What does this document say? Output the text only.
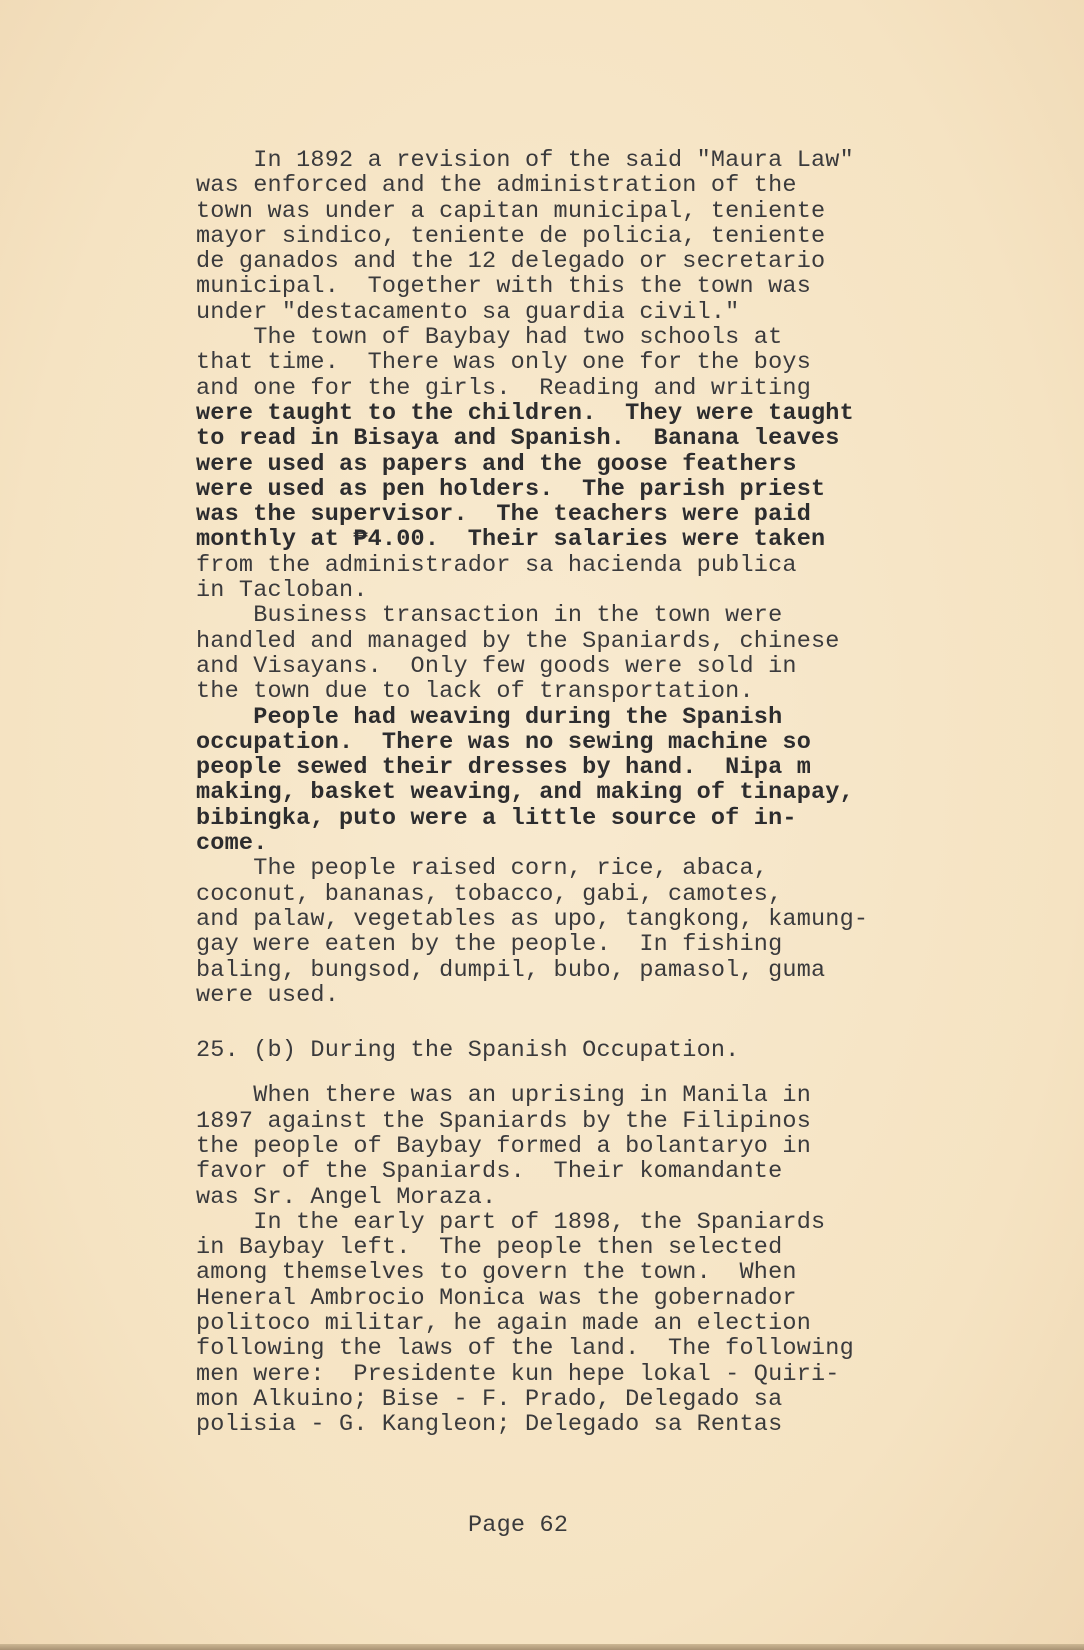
In 1892 a revision of the said "Maura Law"
was enforced and the administration of the
town was under a capitan municipal, teniente
mayor sindico, teniente de policia, teniente
de ganados and the 12 delegado or secretario
municipal.  Together with this the town was
under "destacamento sa guardia civil."
The town of Baybay had two schools at
that time.  There was only one for the boys
and one for the girls.  Reading and writing
were taught to the children.  They were taught
to read in Bisaya and Spanish.  Banana leaves
were used as papers and the goose feathers
were used as pen holders.  The parish priest
was the supervisor.  The teachers were paid
monthly at ₱4.00.  Their salaries were taken
from the administrador sa hacienda publica
in Tacloban.
Business transaction in the town were
handled and managed by the Spaniards, chinese
and Visayans.  Only few goods were sold in
the town due to lack of transportation.
People had weaving during the Spanish
occupation.  There was no sewing machine so
people sewed their dresses by hand.  Nipa m
making, basket weaving, and making of tinapay,
bibingka, puto were a little source of in-
come.
The people raised corn, rice, abaca,
coconut, bananas, tobacco, gabi, camotes,
and palaw, vegetables as upo, tangkong, kamung-
gay were eaten by the people.  In fishing
baling, bungsod, dumpil, bubo, pamasol, guma
were used.
25. (b) During the Spanish Occupation.
When there was an uprising in Manila in
1897 against the Spaniards by the Filipinos
the people of Baybay formed a bolantaryo in
favor of the Spaniards.  Their komandante
was Sr. Angel Moraza.
In the early part of 1898, the Spaniards
in Baybay left.  The people then selected
among themselves to govern the town.  When
Heneral Ambrocio Monica was the gobernador
politoco militar, he again made an election
following the laws of the land.  The following
men were:  Presidente kun hepe lokal - Quiri-
mon Alkuino; Bise - F. Prado, Delegado sa
polisia - G. Kangleon; Delegado sa Rentas
Page 62
